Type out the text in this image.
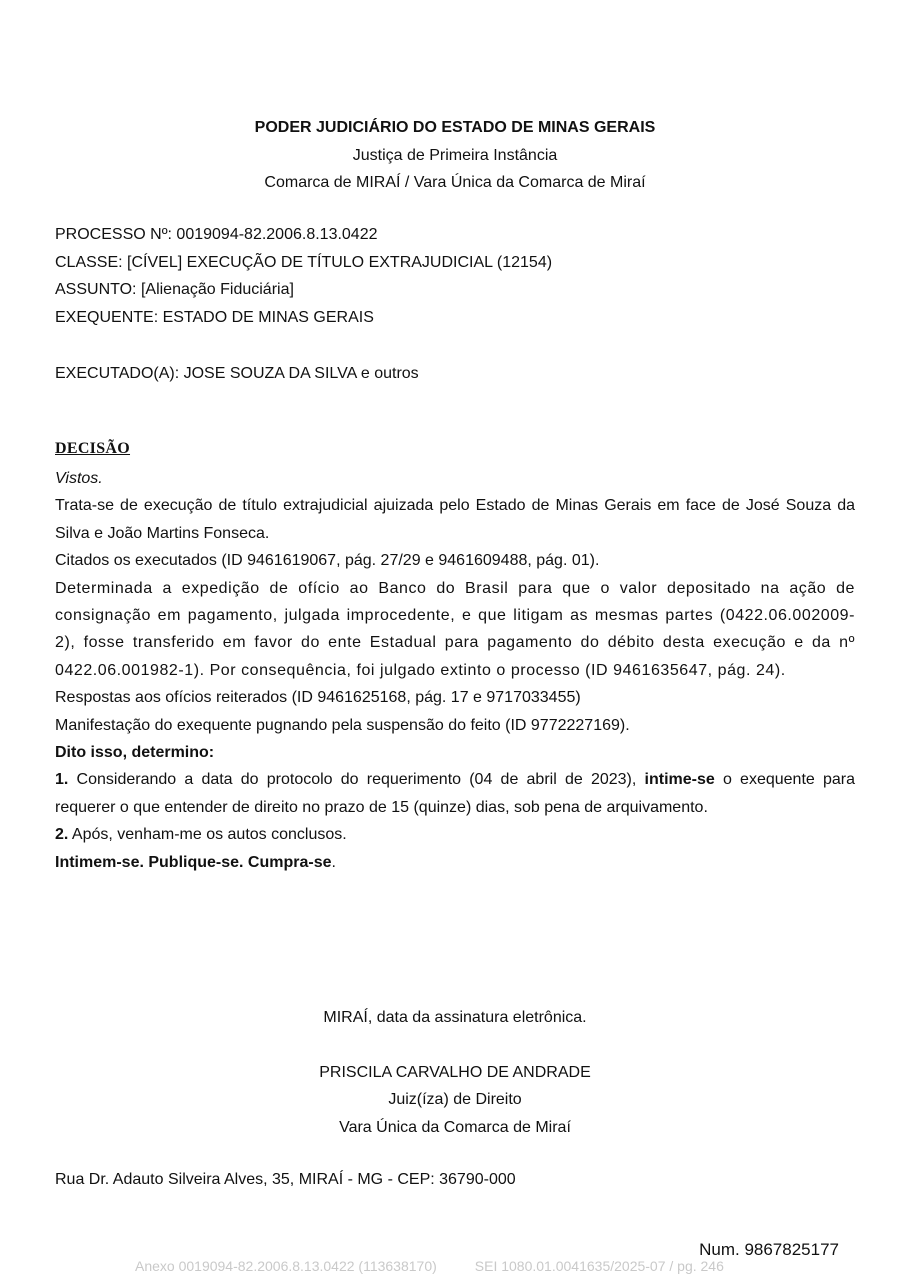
PODER JUDICIÁRIO DO ESTADO DE MINAS GERAIS
Justiça de Primeira Instância
Comarca de MIRAÍ / Vara Única da Comarca de Miraí
PROCESSO Nº: 0019094-82.2006.8.13.0422
CLASSE: [CÍVEL] EXECUÇÃO DE TÍTULO EXTRAJUDICIAL (12154)
ASSUNTO: [Alienação Fiduciária]
EXEQUENTE: ESTADO DE MINAS GERAIS
EXECUTADO(A): JOSE SOUZA DA SILVA e outros
DECISÃO

Vistos.

Trata-se de execução de título extrajudicial ajuizada pelo Estado de Minas Gerais em face de José Souza da Silva e João Martins Fonseca.

Citados os executados (ID 9461619067, pág. 27/29 e 9461609488, pág. 01).

Determinada a expedição de ofício ao Banco do Brasil para que o valor depositado na ação de consignação em pagamento, julgada improcedente, e que litigam as mesmas partes (0422.06.002009-2), fosse transferido em favor do ente Estadual para pagamento do débito desta execução e da nº 0422.06.001982-1). Por consequência, foi julgado extinto o processo (ID 9461635647, pág. 24).

Respostas aos ofícios reiterados (ID 9461625168, pág. 17 e 9717033455)

Manifestação do exequente pugnando pela suspensão do feito (ID 9772227169).

Dito isso, determino:

1. Considerando a data do protocolo do requerimento (04 de abril de 2023), intime-se o exequente para requerer o que entender de direito no prazo de 15 (quinze) dias, sob pena de arquivamento.

2. Após, venham-me os autos conclusos.

Intimem-se. Publique-se. Cumpra-se.

MIRAÍ, data da assinatura eletrônica.
PRISCILA CARVALHO DE ANDRADE
Juiz(íza) de Direito
Vara Única da Comarca de Miraí
Rua Dr. Adauto Silveira Alves, 35, MIRAÍ - MG - CEP: 36790-000
Num. 9867825177
Anexo 0019094-82.2006.8.13.0422 (113638170)	SEI 1080.01.0041635/2025-07 / pg. 246
